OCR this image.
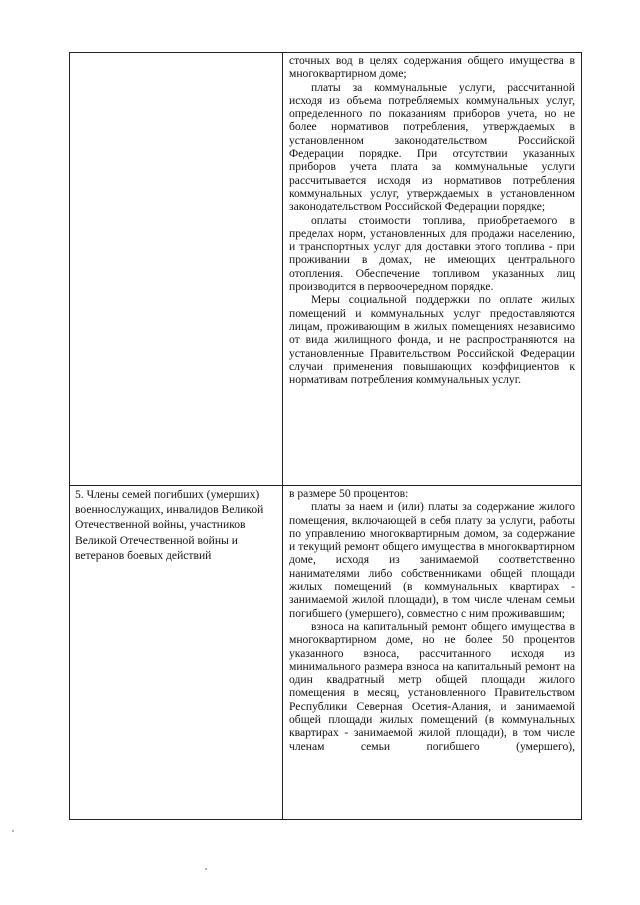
	сточных вод в целях содержания общего имущества в многоквартирном доме;

платы за коммунальные услуги, рассчитанной исходя из объема потребляемых коммунальных услуг, определенного по показаниям приборов учета, но не более нормативов потребления, утверждаемых в установленном законодательством Российской Федерации порядке. При отсутствии указанных приборов учета плата за коммунальные услуги рассчитывается исходя из нормативов потребления коммунальных услуг, утверждаемых в установленном законодательством Российской Федерации порядке;

оплаты стоимости топлива, приобретаемого в пределах норм, установленных для продажи населению, и транспортных услуг для доставки этого топлива - при проживании в домах, не имеющих центрального отопления. Обеспечение топливом указанных лиц производится в первоочередном порядке.

Меры социальной поддержки по оплате жилых помещений и коммунальных услуг предоставляются лицам, проживающим в жилых помещениях независимо от вида жилищного фонда, и не распространяются на установленные Правительством Российской Федерации случаи применения повышающих коэффициентов к нормативам потребления коммунальных услуг.

5. Члены семей погибших (умерших) военнослужащих, инвалидов Великой Отечественной войны, участников Великой Отечественной войны и ветеранов боевых действий	в размере 50 процентов:

платы за наем и (или) платы за содержание жилого помещения, включающей в себя плату за услуги, работы по управлению многоквартирным домом, за содержание и текущий ремонт общего имущества в многоквартирном доме, исходя из занимаемой соответственно нанимателями либо собственниками общей площади жилых помещений (в коммунальных квартирах - занимаемой жилой площади), в том числе членам семьи погибшего (умершего), совместно с ним проживавшим;

взноса на капитальный ремонт общего имущества в многоквартирном доме, но не более 50 процентов указанного взноса, рассчитанного исходя из минимального размера взноса на капитальный ремонт на один квадратный метр общей площади жилого помещения в месяц, установленного Правительством Республики Северная Осетия-Алания, и занимаемой общей площади жилых помещений (в коммунальных квартирах - занимаемой жилой площади), в том числе членам семьи погибшего (умершего),
